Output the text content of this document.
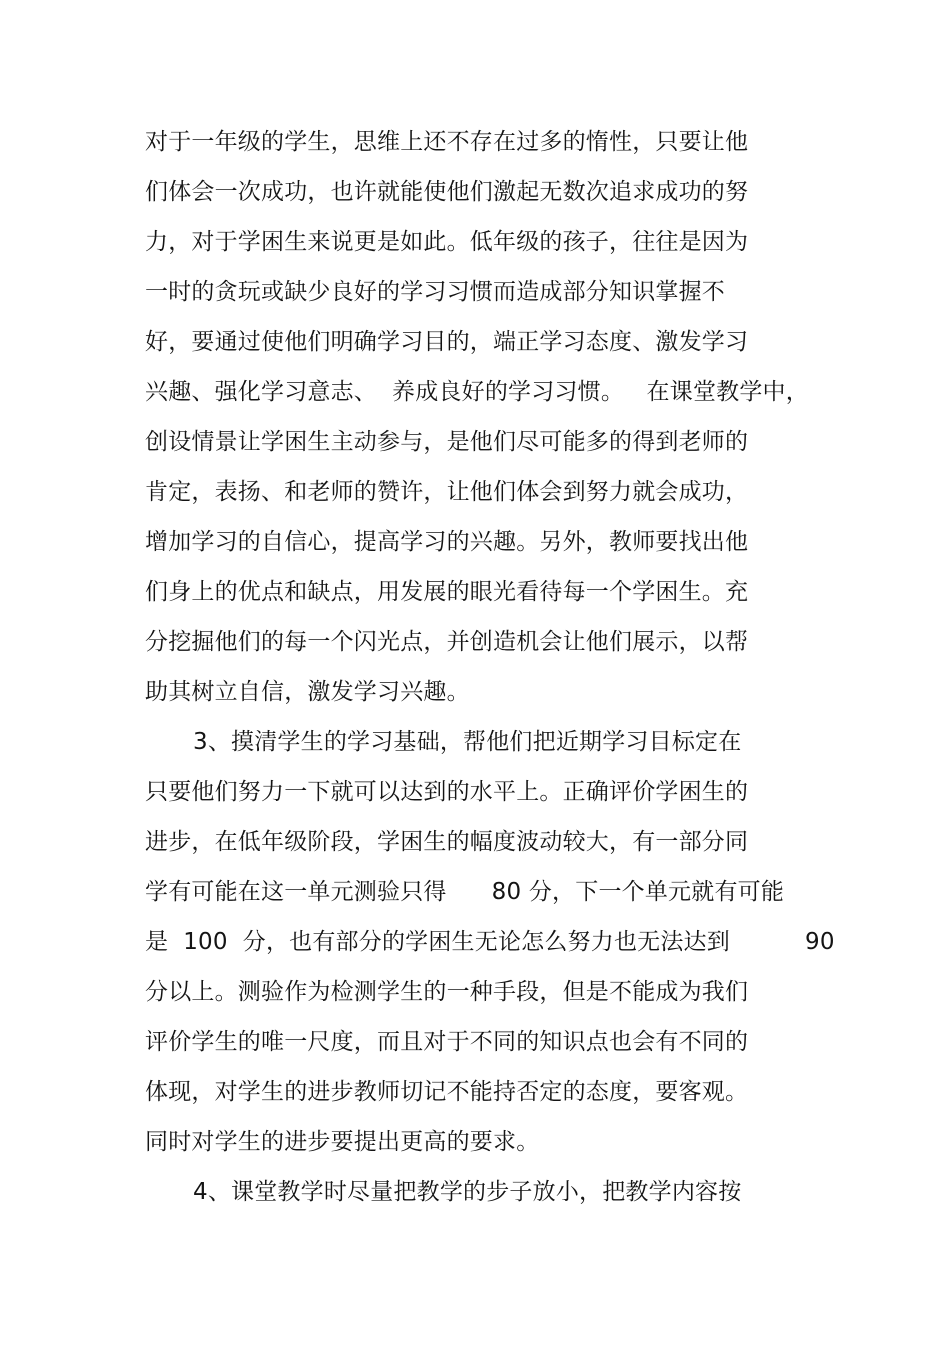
对于一年级的学生，思维上还不存在过多的惰性，只要让他
们体会一次成功，也许就能使他们激起无数次追求成功的努
力，对于学困生来说更是如此。低年级的孩子，往往是因为
一时的贪玩或缺少良好的学习习惯而造成部分知识掌握不
好，要通过使他们明确学习目的，端正学习态度、激发学习
兴趣、强化学习意志、  养成良好的学习习惯。   在课堂教学中，
创设情景让学困生主动参与，是他们尽可能多的得到老师的
肯定，表扬、和老师的赞许，让他们体会到努力就会成功，
增加学习的自信心，提高学习的兴趣。另外，教师要找出他
们身上的优点和缺点，用发展的眼光看待每一个学困生。充
分挖掘他们的每一个闪光点，并创造机会让他们展示，以帮
助其树立自信，激发学习兴趣。
3、摸清学生的学习基础，帮他们把近期学习目标定在
只要他们努力一下就可以达到的水平上。正确评价学困生的
进步，在低年级阶段，学困生的幅度波动较大，有一部分同
学有可能在这一单元测验只得      80 分，下一个单元就有可能
是  100  分，也有部分的学困生无论怎么努力也无法达到          90
分以上。测验作为检测学生的一种手段，但是不能成为我们
评价学生的唯一尺度，而且对于不同的知识点也会有不同的
体现，对学生的进步教师切记不能持否定的态度，要客观。
同时对学生的进步要提出更高的要求。
4、课堂教学时尽量把教学的步子放小，把教学内容按
